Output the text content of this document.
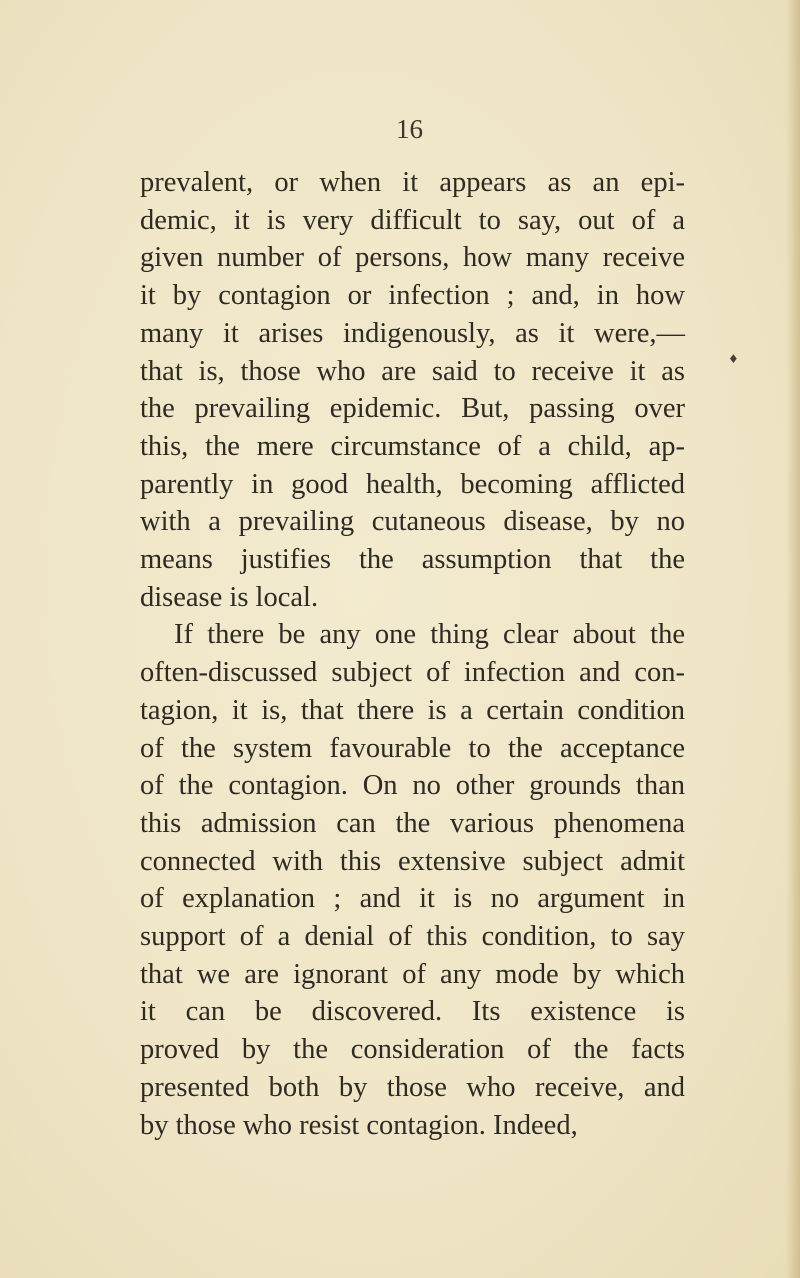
16
♦
prevalent, or when it appears as an epi-
demic, it is very difficult to say, out of a
given number of persons, how many receive
it by contagion or infection ; and, in how
many it arises indigenously, as it were,—
that is, those who are said to receive it as
the prevailing epidemic. But, passing over
this, the mere circumstance of a child, ap-
parently in good health, becoming afflicted
with a prevailing cutaneous disease, by no
means justifies the assumption that the
disease is local.
If there be any one thing clear about the
often-discussed subject of infection and con-
tagion, it is, that there is a certain condition
of the system favourable to the acceptance
of the contagion. On no other grounds than
this admission can the various phenomena
connected with this extensive subject admit
of explanation ; and it is no argument in
support of a denial of this condition, to say
that we are ignorant of any mode by which
it can be discovered. Its existence is
proved by the consideration of the facts
presented both by those who receive, and
by those who resist contagion. Indeed,
